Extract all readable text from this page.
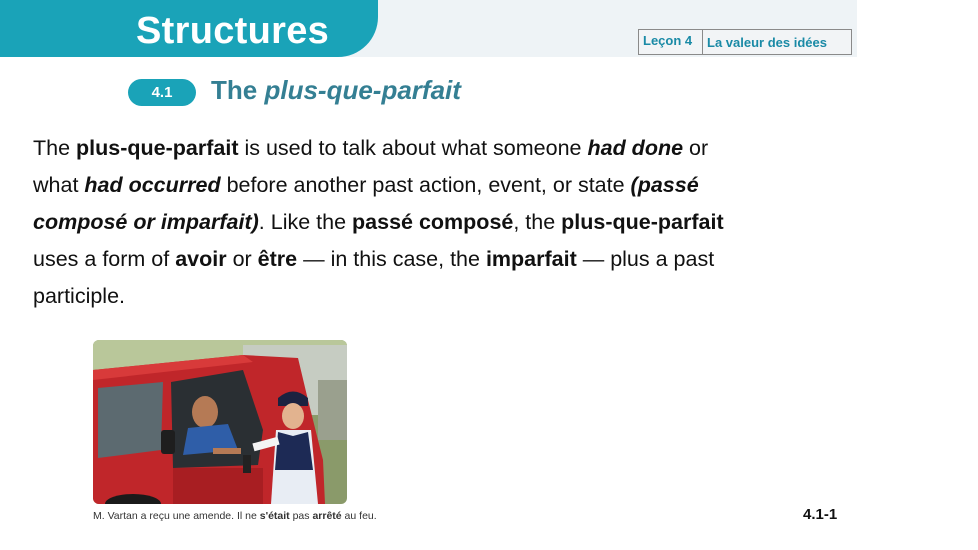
Structures	Leçon 4	La valeur des idées
4.1	The plus-que-parfait
The plus-que-parfait is used to talk about what someone had done or what had occurred before another past action, event, or state (passé composé or imparfait). Like the passé composé, the plus-que-parfait uses a form of avoir or être — in this case, the imparfait — plus a past participle.
M. Vartan a reçu une amende. Il ne s'était pas arrêté au feu.	4.1-1
